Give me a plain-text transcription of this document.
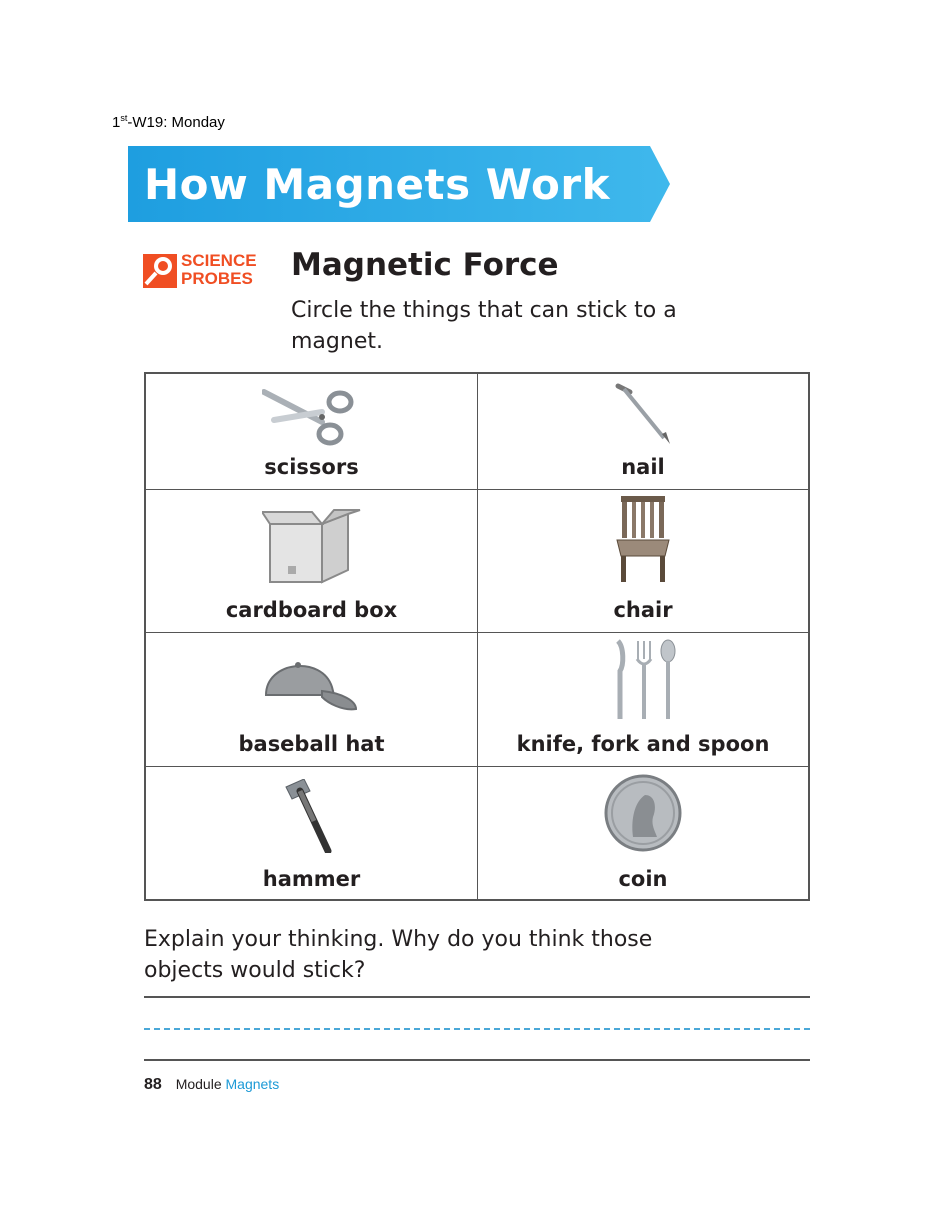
1st-W19: Monday
How Magnets Work
SCIENCE
PROBES Magnetic Force
Circle the things that can stick to a magnet.
scissors	nail
cardboard box	chair
baseball hat	knife, fork and spoon
hammer	coin
Explain your thinking. Why do you think those objects would stick?
88 Module Magnets
